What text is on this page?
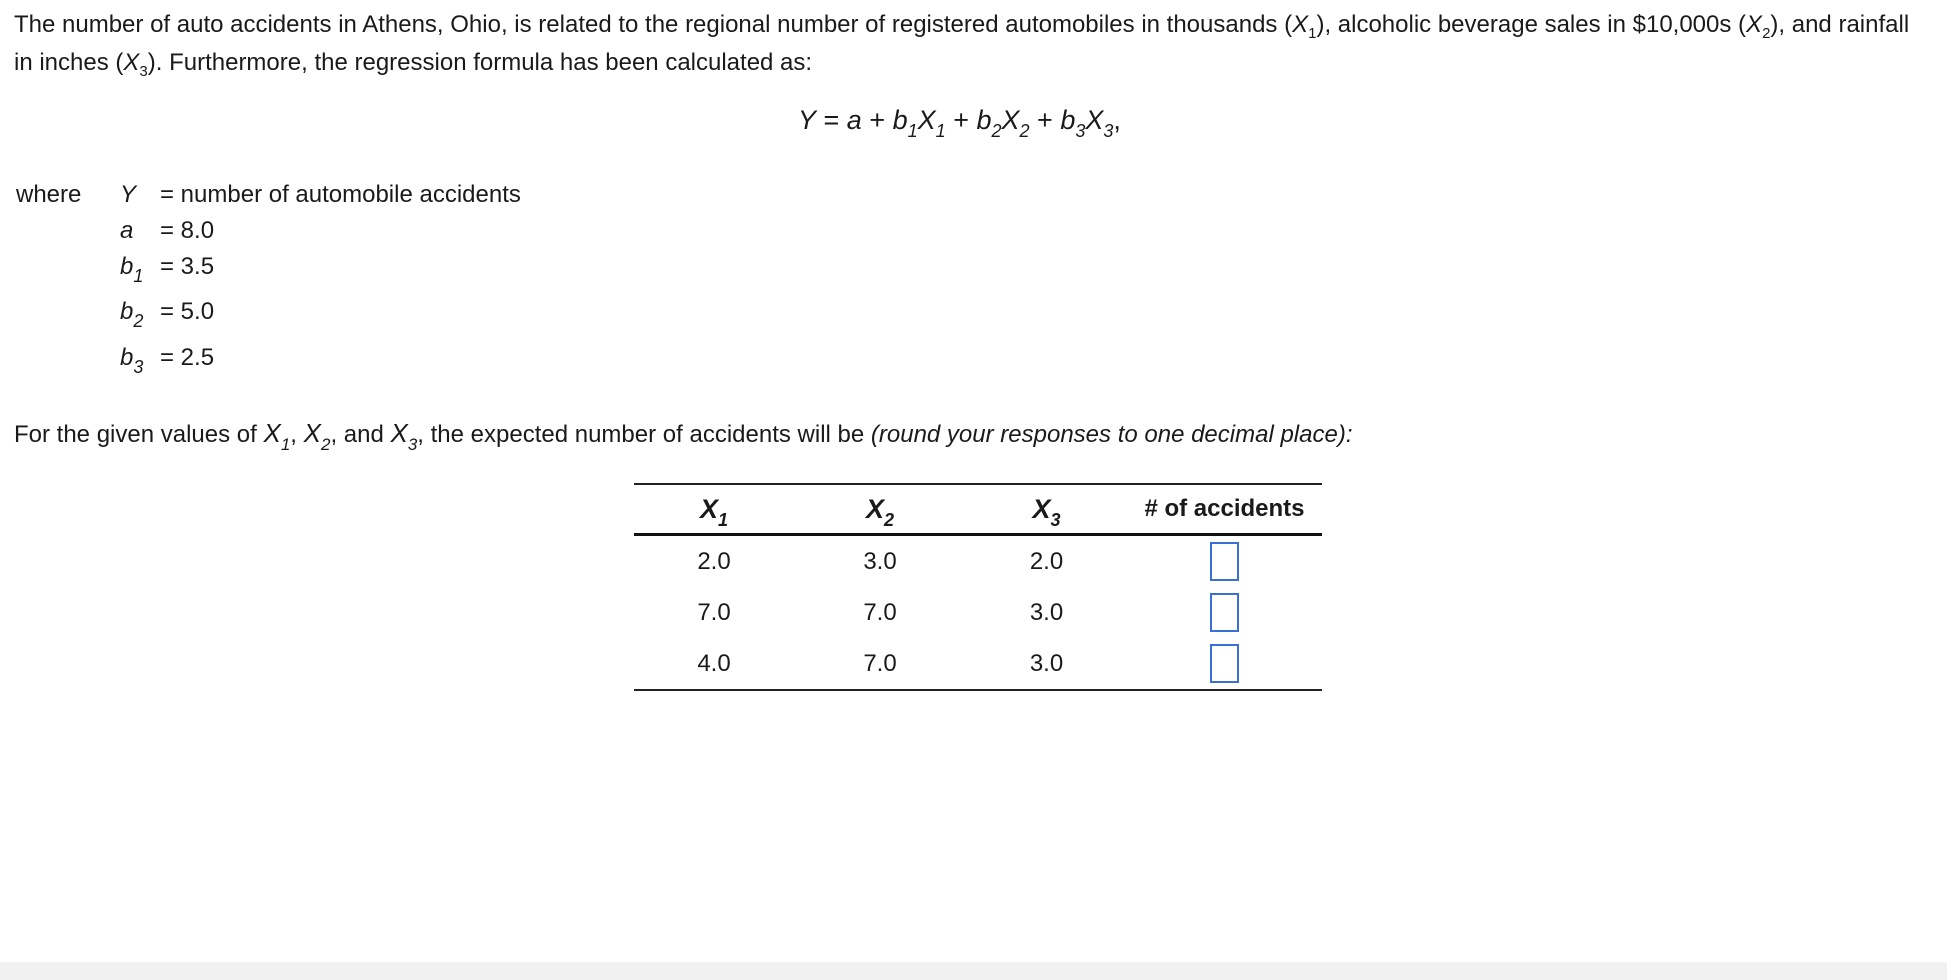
The number of auto accidents in Athens, Ohio, is related to the regional number of registered automobiles in thousands $(X_1)$, alcoholic beverage sales in $10,000s $(X_2)$, and rainfall in inches $(X_3)$. Furthermore, the regression formula has been calculated as:
$Y = a + b_1X_1 + b_2X_2 + b_3X_3$,
where Y = number of automobile accidents
a = 8.0
$b_1 = 3.5$
$b_2 = 5.0$
$b_3 = 2.5$
For the given values of $X_1$, $X_2$, and $X_3$, the expected number of accidents will be (round your responses to one decimal place):
$X_1$	$X_2$	$X_3$	# of accidents
2.0	3.0	2.0	
7.0	7.0	3.0	
4.0	7.0	3.0	
